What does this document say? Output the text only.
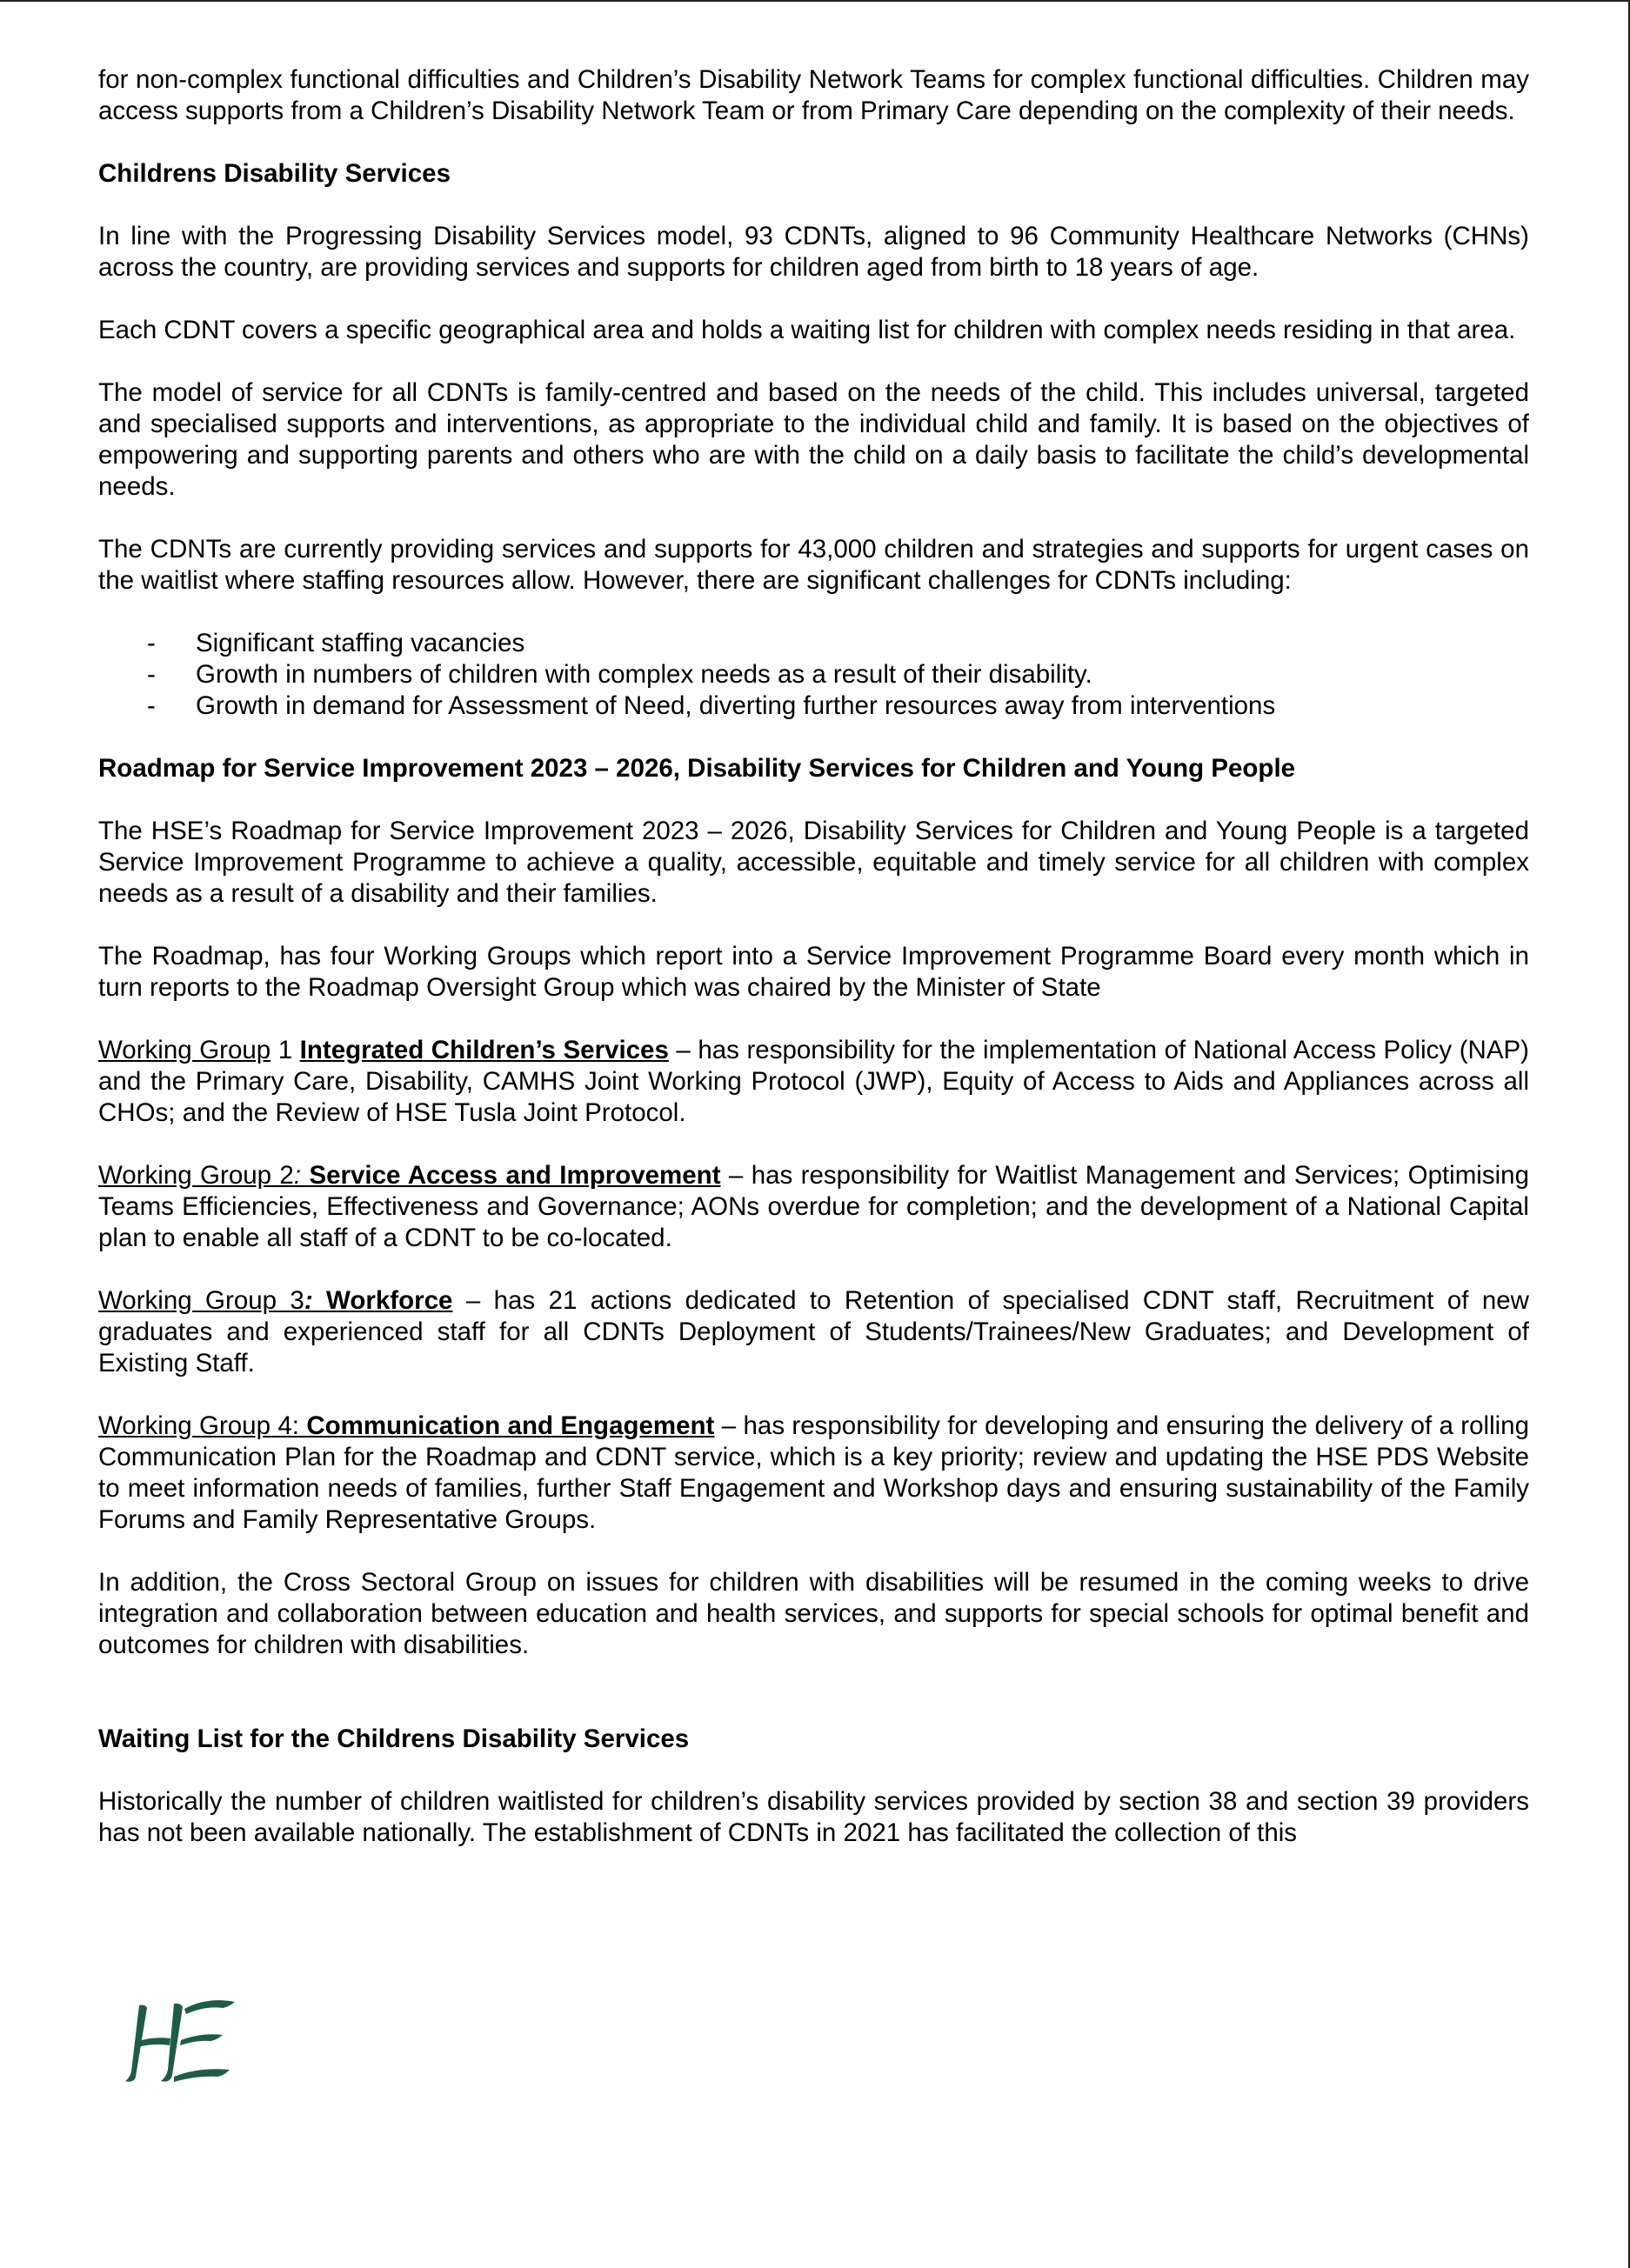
for non-complex functional difficulties and Children’s Disability Network Teams for complex functional difficulties. Children may access supports from a Children’s Disability Network Team or from Primary Care depending on the complexity of their needs.

Childrens Disability Services

In line with the Progressing Disability Services model, 93 CDNTs, aligned to 96 Community Healthcare Networks (CHNs) across the country, are providing services and supports for children aged from birth to 18 years of age.

Each CDNT covers a specific geographical area and holds a waiting list for children with complex needs residing in that area.

The model of service for all CDNTs is family-centred and based on the needs of the child. This includes universal, targeted and specialised supports and interventions, as appropriate to the individual child and family. It is based on the objectives of empowering and supporting parents and others who are with the child on a daily basis to facilitate the child’s developmental needs.

The CDNTs are currently providing services and supports for 43,000 children and strategies and supports for urgent cases on the waitlist where staffing resources allow. However, there are significant challenges for CDNTs including:

- Significant staffing vacancies
- Growth in numbers of children with complex needs as a result of their disability.
- Growth in demand for Assessment of Need, diverting further resources away from interventions

Roadmap for Service Improvement 2023 – 2026, Disability Services for Children and Young People

The HSE’s Roadmap for Service Improvement 2023 – 2026, Disability Services for Children and Young People is a targeted Service Improvement Programme to achieve a quality, accessible, equitable and timely service for all children with complex needs as a result of a disability and their families.

The Roadmap, has four Working Groups which report into a Service Improvement Programme Board every month which in turn reports to the Roadmap Oversight Group which was chaired by the Minister of State

Working Group 1 Integrated Children’s Services – has responsibility for the implementation of National Access Policy (NAP) and the Primary Care, Disability, CAMHS Joint Working Protocol (JWP), Equity of Access to Aids and Appliances across all CHOs; and the Review of HSE Tusla Joint Protocol.

Working Group 2: Service Access and Improvement – has responsibility for Waitlist Management and Services; Optimising Teams Efficiencies, Effectiveness and Governance; AONs overdue for completion; and the development of a National Capital plan to enable all staff of a CDNT to be co-located.

Working Group 3: Workforce – has 21 actions dedicated to Retention of specialised CDNT staff, Recruitment of new graduates and experienced staff for all CDNTs Deployment of Students/Trainees/New Graduates; and Development of Existing Staff.

Working Group 4: Communication and Engagement – has responsibility for developing and ensuring the delivery of a rolling Communication Plan for the Roadmap and CDNT service, which is a key priority; review and updating the HSE PDS Website to meet information needs of families, further Staff Engagement and Workshop days and ensuring sustainability of the Family Forums and Family Representative Groups.

In addition, the Cross Sectoral Group on issues for children with disabilities will be resumed in the coming weeks to drive integration and collaboration between education and health services, and supports for special schools for optimal benefit and outcomes for children with disabilities.

Waiting List for the Childrens Disability Services

Historically the number of children waitlisted for children’s disability services provided by section 38 and section 39 providers has not been available nationally. The establishment of CDNTs in 2021 has facilitated the collection of this
